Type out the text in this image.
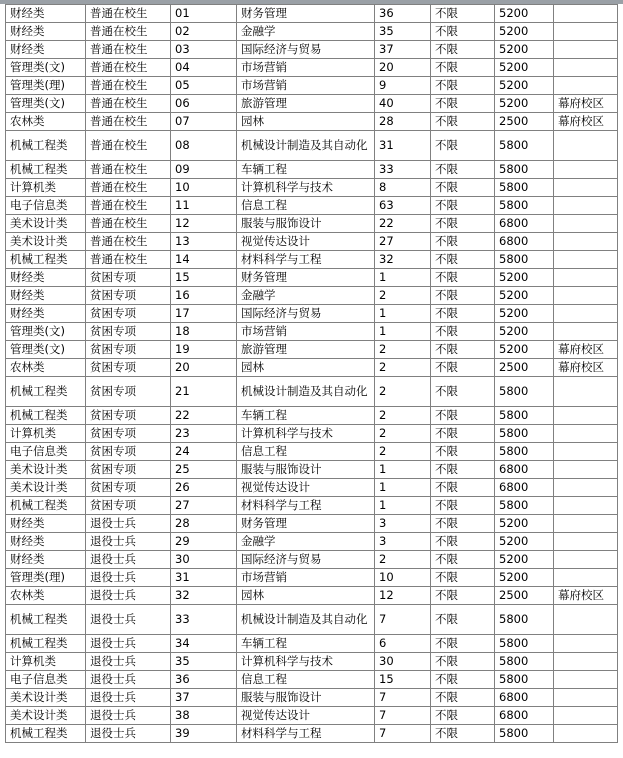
财经类	普通在校生	01	财务管理	36	不限	5200	
财经类	普通在校生	02	金融学	35	不限	5200	
财经类	普通在校生	03	国际经济与贸易	37	不限	5200	
管理类(文)	普通在校生	04	市场营销	20	不限	5200	
管理类(理)	普通在校生	05	市场营销	9	不限	5200	
管理类(文)	普通在校生	06	旅游管理	40	不限	5200	幕府校区
农林类	普通在校生	07	园林	28	不限	2500	幕府校区
机械工程类	普通在校生	08	机械设计制造及其自动化	31	不限	5800	
机械工程类	普通在校生	09	车辆工程	33	不限	5800	
计算机类	普通在校生	10	计算机科学与技术	8	不限	5800	
电子信息类	普通在校生	11	信息工程	63	不限	5800	
美术设计类	普通在校生	12	服装与服饰设计	22	不限	6800	
美术设计类	普通在校生	13	视觉传达设计	27	不限	6800	
机械工程类	普通在校生	14	材料科学与工程	32	不限	5800	
财经类	贫困专项	15	财务管理	1	不限	5200	
财经类	贫困专项	16	金融学	2	不限	5200	
财经类	贫困专项	17	国际经济与贸易	1	不限	5200	
管理类(文)	贫困专项	18	市场营销	1	不限	5200	
管理类(文)	贫困专项	19	旅游管理	2	不限	5200	幕府校区
农林类	贫困专项	20	园林	2	不限	2500	幕府校区
机械工程类	贫困专项	21	机械设计制造及其自动化	2	不限	5800	
机械工程类	贫困专项	22	车辆工程	2	不限	5800	
计算机类	贫困专项	23	计算机科学与技术	2	不限	5800	
电子信息类	贫困专项	24	信息工程	2	不限	5800	
美术设计类	贫困专项	25	服装与服饰设计	1	不限	6800	
美术设计类	贫困专项	26	视觉传达设计	1	不限	6800	
机械工程类	贫困专项	27	材料科学与工程	1	不限	5800	
财经类	退役士兵	28	财务管理	3	不限	5200	
财经类	退役士兵	29	金融学	3	不限	5200	
财经类	退役士兵	30	国际经济与贸易	2	不限	5200	
管理类(理)	退役士兵	31	市场营销	10	不限	5200	
农林类	退役士兵	32	园林	12	不限	2500	幕府校区
机械工程类	退役士兵	33	机械设计制造及其自动化	7	不限	5800	
机械工程类	退役士兵	34	车辆工程	6	不限	5800	
计算机类	退役士兵	35	计算机科学与技术	30	不限	5800	
电子信息类	退役士兵	36	信息工程	15	不限	5800	
美术设计类	退役士兵	37	服装与服饰设计	7	不限	6800	
美术设计类	退役士兵	38	视觉传达设计	7	不限	6800	
机械工程类	退役士兵	39	材料科学与工程	7	不限	5800	
